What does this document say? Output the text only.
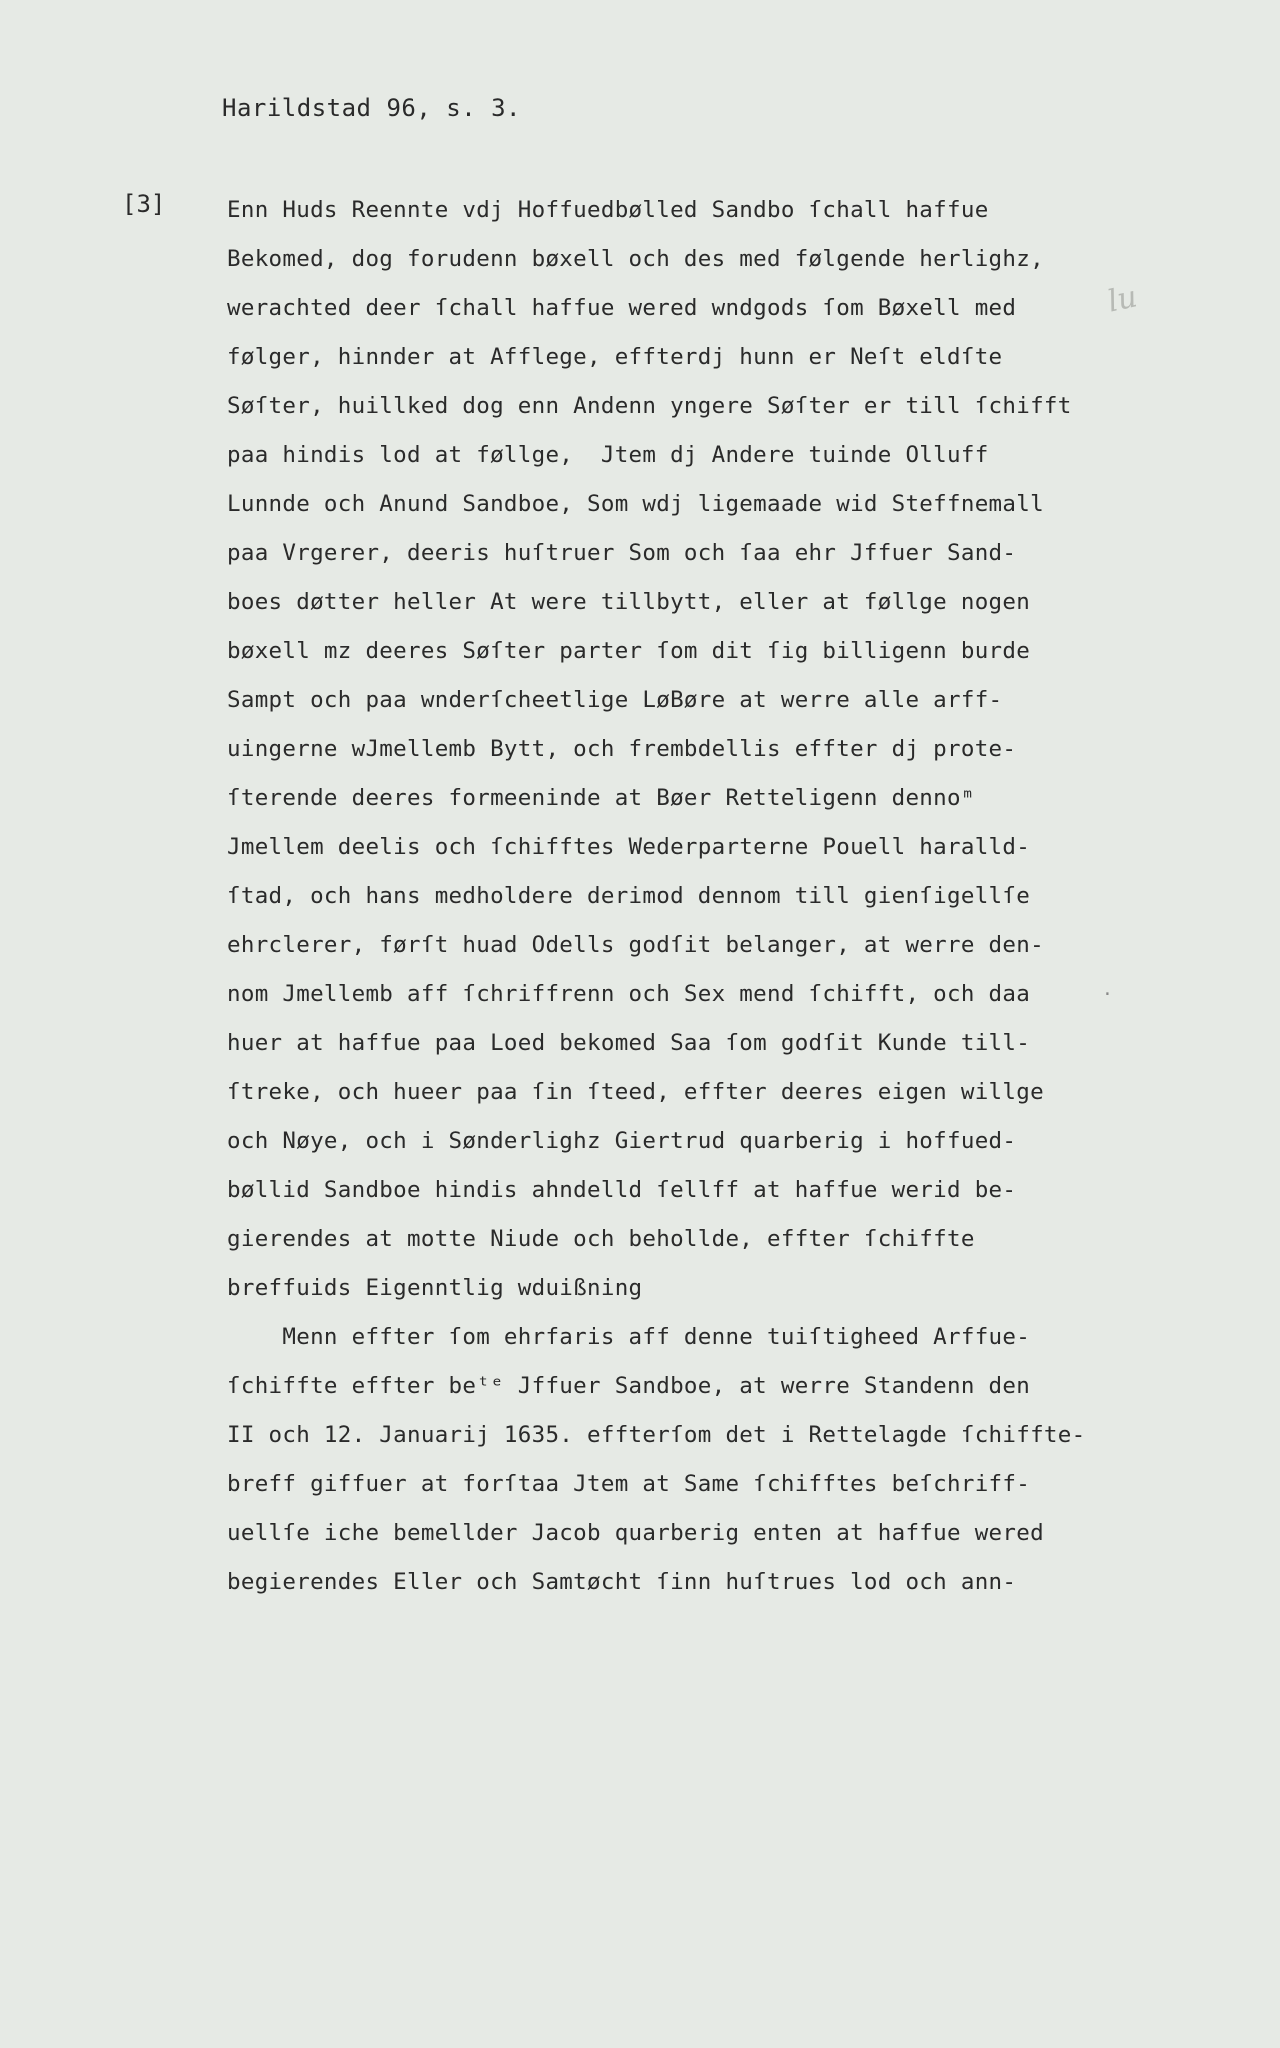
Harildstad 96, s. 3.
[3]
lu
·
Enn Huds Reennte vdj Hoffuedbølled Sandbo ſchall haffue
Bekomed, dog forudenn bøxell och des med følgende herlighz,
werachted deer ſchall haffue wered wndgods ſom Bøxell med
følger, hinnder at Afflege, effterdj hunn er Neſt eldſte
Søſter, huillked dog enn Andenn yngere Søſter er till ſchifft
paa hindis lod at føllge,  Jtem dj Andere tuinde Olluff
Lunnde och Anund Sandboe, Som wdj ligemaade wid Steffnemall
paa Vrgerer, deeris huſtruer Som och ſaa ehr Jffuer Sand-
boes døtter heller At were tillbytt, eller at føllge nogen
bøxell mz deeres Søſter parter ſom dit ſig billigenn burde
Sampt och paa wnderſcheetlige LøBøre at werre alle arff-
uingerne wJmellemb Bytt, och frembdellis effter dj prote-
ſterende deeres formeeninde at Bøer Retteligenn dennoᵐ
Jmellem deelis och ſchifftes Wederparterne Pouell haralld-
ſtad, och hans medholdere derimod dennom till gienſigellſe
ehrclerer, førſt huad Odells godſit belanger, at werre den-
nom Jmellemb aff ſchriffrenn och Sex mend ſchifft, och daa
huer at haffue paa Loed bekomed Saa ſom godſit Kunde till-
ſtreke, och hueer paa ſin ſteed, effter deeres eigen willge
och Nøye, och i Sønderlighz Giertrud quarberig i hoffued-
bøllid Sandboe hindis ahndelld ſellff at haffue werid be-
gierendes at motte Niude och behollde, effter ſchiffte
breffuids Eigenntlig wduißning
Menn effter ſom ehrfaris aff denne tuiſtigheed Arffue-
ſchiffte effter beᵗᵉ Jffuer Sandboe, at werre Standenn den
II och 12. Januarij 1635. effterſom det i Rettelagde ſchiffte-
breff giffuer at forſtaa Jtem at Same ſchifftes beſchriff-
uellſe iche bemellder Jacob quarberig enten at haffue wered
begierendes Eller och Samtøcht ſinn huſtrues lod och ann-
